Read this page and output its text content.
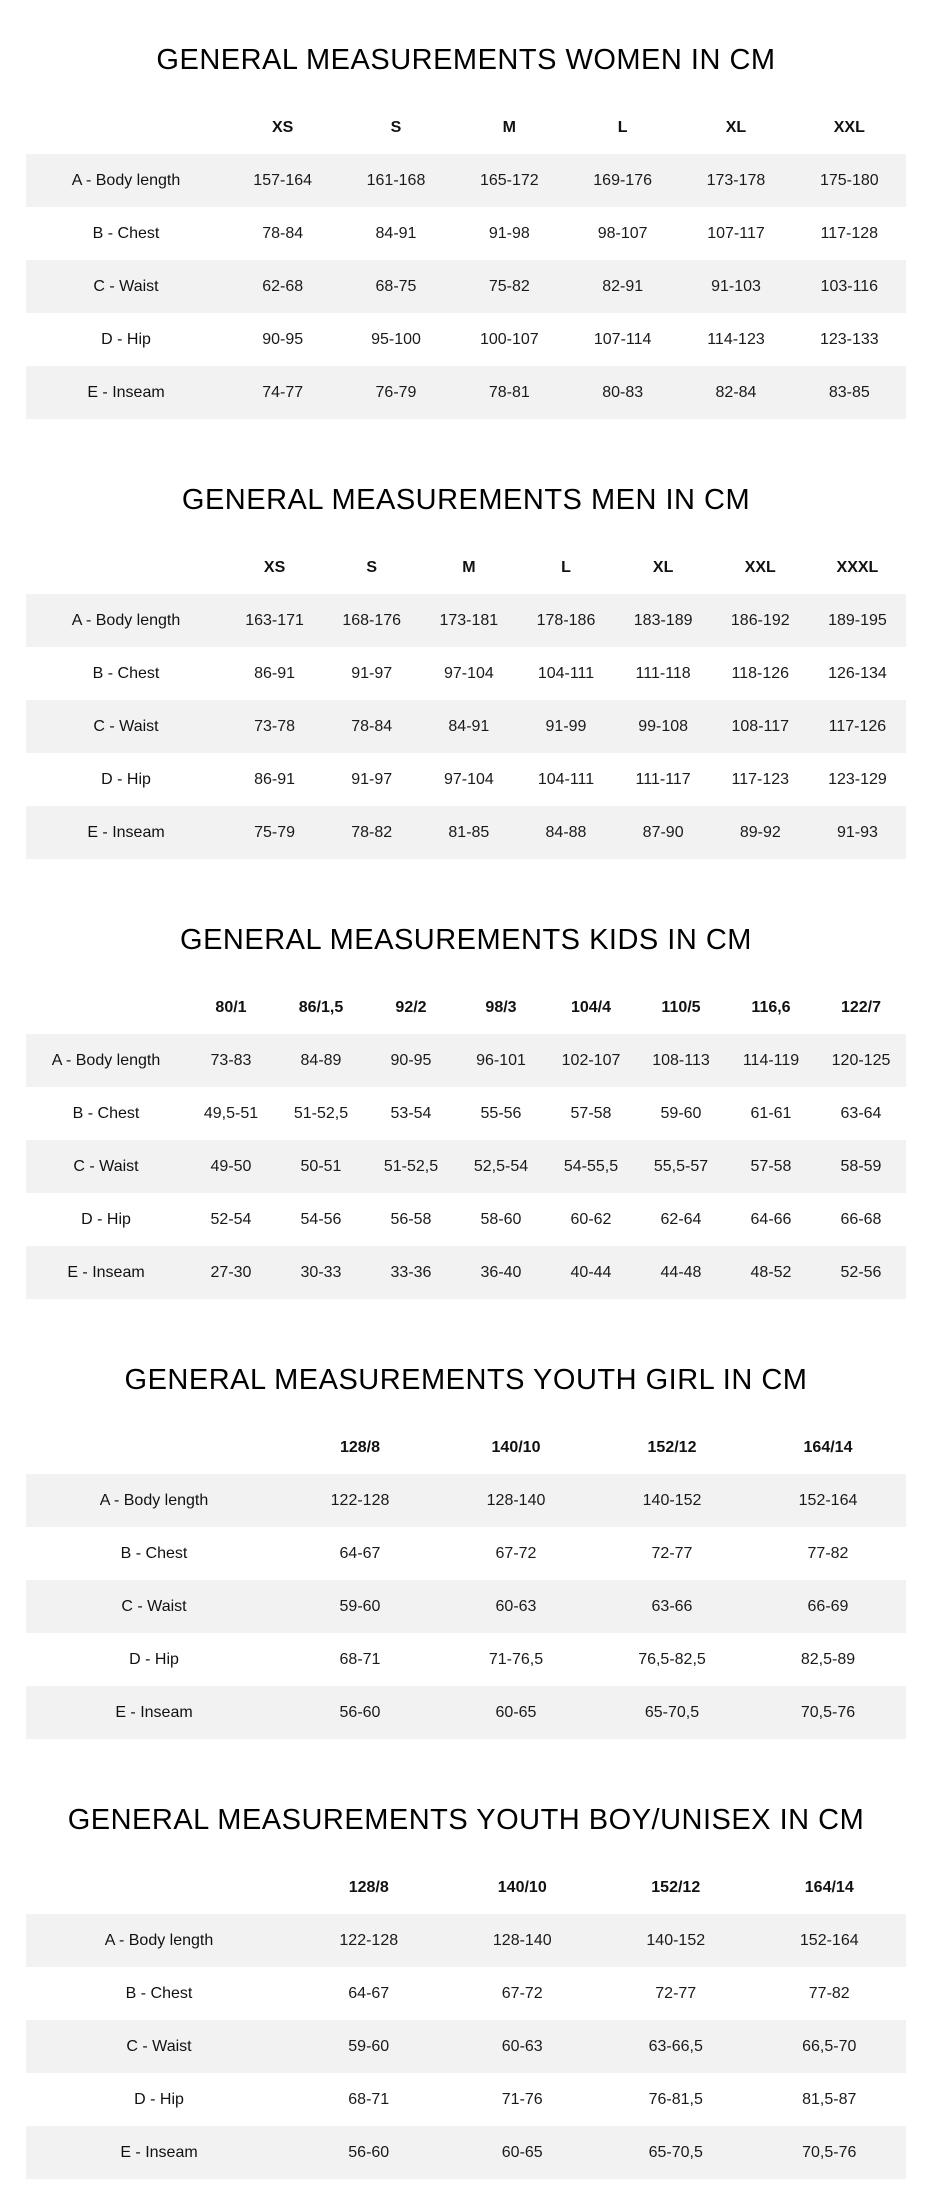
GENERAL MEASUREMENTS WOMEN IN CM
	XS	S	M	L	XL	XXL
A - Body length	157-164	161-168	165-172	169-176	173-178	175-180
B - Chest	78-84	84-91	91-98	98-107	107-117	117-128
C - Waist	62-68	68-75	75-82	82-91	91-103	103-116
D - Hip	90-95	95-100	100-107	107-114	114-123	123-133
E - Inseam	74-77	76-79	78-81	80-83	82-84	83-85
GENERAL MEASUREMENTS MEN IN CM
	XS	S	M	L	XL	XXL	XXXL
A - Body length	163-171	168-176	173-181	178-186	183-189	186-192	189-195
B - Chest	86-91	91-97	97-104	104-111	111-118	118-126	126-134
C - Waist	73-78	78-84	84-91	91-99	99-108	108-117	117-126
D - Hip	86-91	91-97	97-104	104-111	111-117	117-123	123-129
E - Inseam	75-79	78-82	81-85	84-88	87-90	89-92	91-93
GENERAL MEASUREMENTS KIDS IN CM
	80/1	86/1,5	92/2	98/3	104/4	110/5	116,6	122/7
A - Body length	73-83	84-89	90-95	96-101	102-107	108-113	114-119	120-125
B - Chest	49,5-51	51-52,5	53-54	55-56	57-58	59-60	61-61	63-64
C - Waist	49-50	50-51	51-52,5	52,5-54	54-55,5	55,5-57	57-58	58-59
D - Hip	52-54	54-56	56-58	58-60	60-62	62-64	64-66	66-68
E - Inseam	27-30	30-33	33-36	36-40	40-44	44-48	48-52	52-56
GENERAL MEASUREMENTS YOUTH GIRL IN CM
	128/8	140/10	152/12	164/14
A - Body length	122-128	128-140	140-152	152-164
B - Chest	64-67	67-72	72-77	77-82
C - Waist	59-60	60-63	63-66	66-69
D - Hip	68-71	71-76,5	76,5-82,5	82,5-89
E - Inseam	56-60	60-65	65-70,5	70,5-76
GENERAL MEASUREMENTS YOUTH BOY/UNISEX IN CM
	128/8	140/10	152/12	164/14
A - Body length	122-128	128-140	140-152	152-164
B - Chest	64-67	67-72	72-77	77-82
C - Waist	59-60	60-63	63-66,5	66,5-70
D - Hip	68-71	71-76	76-81,5	81,5-87
E - Inseam	56-60	60-65	65-70,5	70,5-76
